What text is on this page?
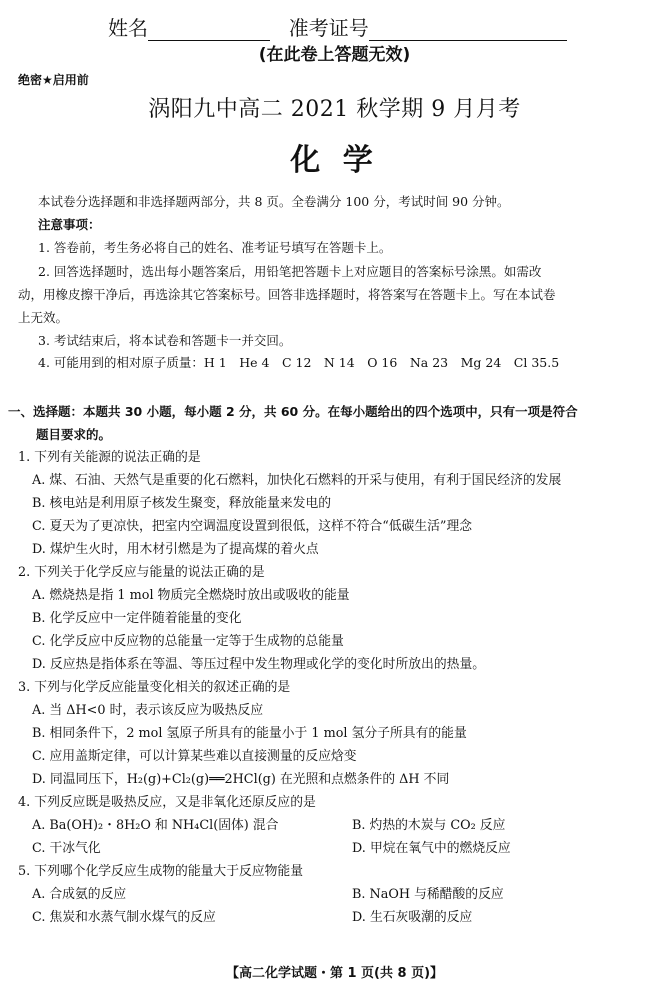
姓名	准考证号
(在此卷上答题无效)
绝密★启用前
涡阳九中高二 2021 秋学期 9 月月考
化 学
本试卷分选择题和非选择题两部分，共 8 页。全卷满分 100 分，考试时间 90 分钟。
注意事项：
1. 答卷前，考生务必将自己的姓名、准考证号填写在答题卡上。
2. 回答选择题时，选出每小题答案后，用铅笔把答题卡上对应题目的答案标号涂黑。如需改
动，用橡皮擦干净后，再选涂其它答案标号。回答非选择题时，将答案写在答题卡上。写在本试卷
上无效。
3. 考试结束后，将本试卷和答题卡一并交回。
4. 可能用到的相对原子质量：H 1　He 4　C 12　N 14　O 16　Na 23　Mg 24　Cl 35.5
一、选择题：本题共 30 小题，每小题 2 分，共 60 分。在每小题给出的四个选项中，只有一项是符合
题目要求的。
1. 下列有关能源的说法正确的是
A. 煤、石油、天然气是重要的化石燃料，加快化石燃料的开采与使用，有利于国民经济的发展
B. 核电站是利用原子核发生聚变，释放能量来发电的
C. 夏天为了更凉快，把室内空调温度设置到很低，这样不符合“低碳生活”理念
D. 煤炉生火时，用木材引燃是为了提高煤的着火点
2. 下列关于化学反应与能量的说法正确的是
A. 燃烧热是指 1 mol 物质完全燃烧时放出或吸收的能量
B. 化学反应中一定伴随着能量的变化
C. 化学反应中反应物的总能量一定等于生成物的总能量
D. 反应热是指体系在等温、等压过程中发生物理或化学的变化时所放出的热量。
3. 下列与化学反应能量变化相关的叙述正确的是
A. 当 ΔH<0 时，表示该反应为吸热反应
B. 相同条件下，2 mol 氢原子所具有的能量小于 1 mol 氢分子所具有的能量
C. 应用盖斯定律，可以计算某些难以直接测量的反应焓变
D. 同温同压下，H₂(g)+Cl₂(g)══2HCl(g) 在光照和点燃条件的 ΔH 不同
4. 下列反应既是吸热反应，又是非氧化还原反应的是
A. Ba(OH)₂・8H₂O 和 NH₄Cl(固体) 混合	B. 灼热的木炭与 CO₂ 反应
C. 干冰气化	D. 甲烷在氧气中的燃烧反应
5. 下列哪个化学反应生成物的能量大于反应物能量
A. 合成氨的反应	B. NaOH 与稀醋酸的反应
C. 焦炭和水蒸气制水煤气的反应	D. 生石灰吸潮的反应
【高二化学试题・第 1 页(共 8 页)】
